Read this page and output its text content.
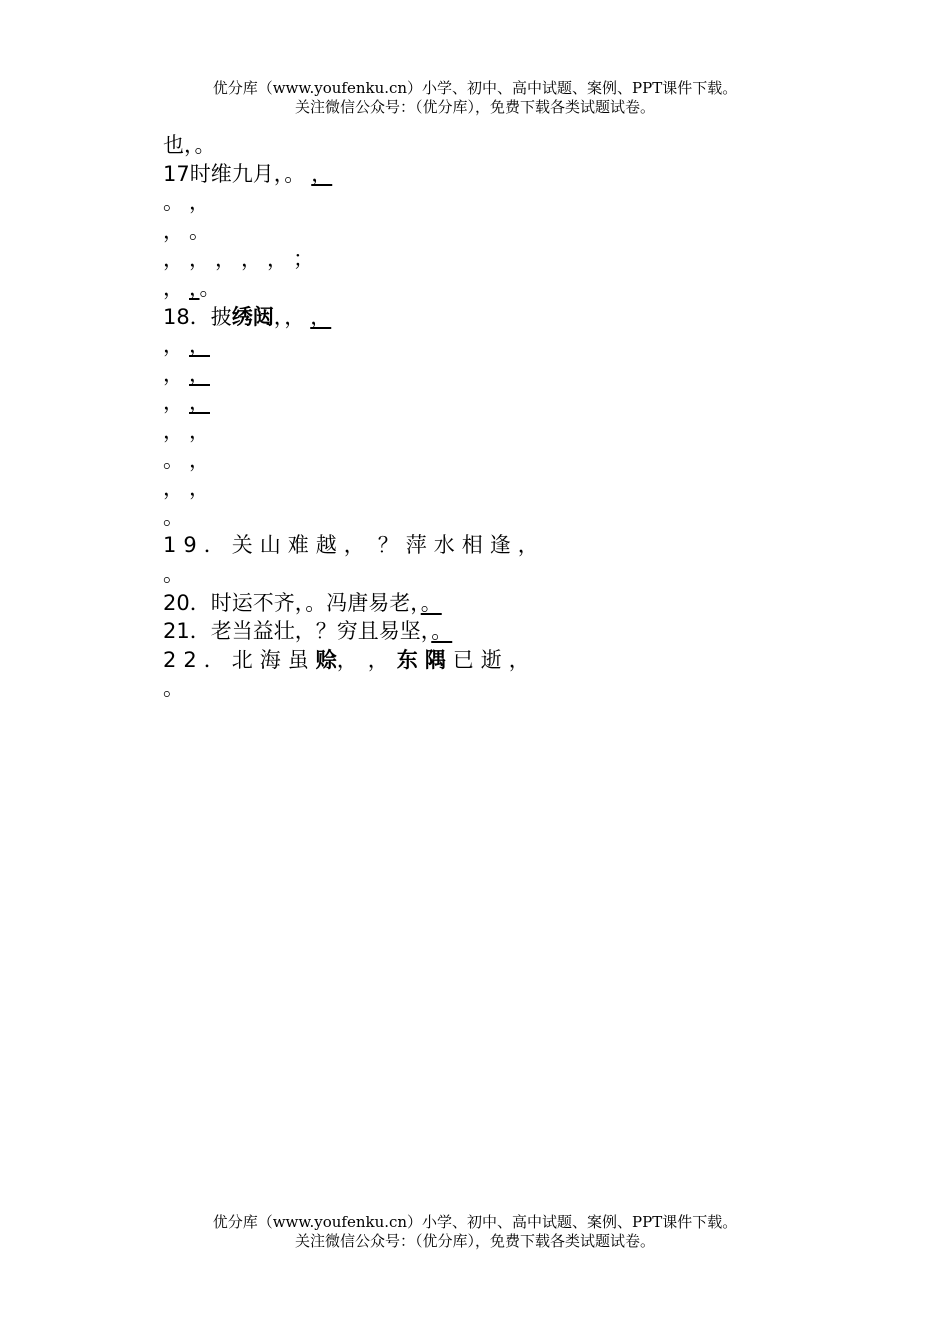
优分库（www.youfenku.cn）小学、初中、高中试题、案例、PPT课件下载。
关注微信公众号：（优分库），免费下载各类试题试卷。
也，。
17时维九月，。 ，
。 ，
， 。
， ， ， ， ， ；
， ，。
18．披绣闼，， ，
， ，
， ，
， ，
， ，
。 ，
， ，
。
19．关山难越， ？萍水相逢，
。
20．时运不齐，。冯唐易老，。
21．老当益壮，？穷且易坚，。
22．北海虽赊， ， 东隅已逝，
。
优分库（www.youfenku.cn）小学、初中、高中试题、案例、PPT课件下载。
关注微信公众号：（优分库），免费下载各类试题试卷。
